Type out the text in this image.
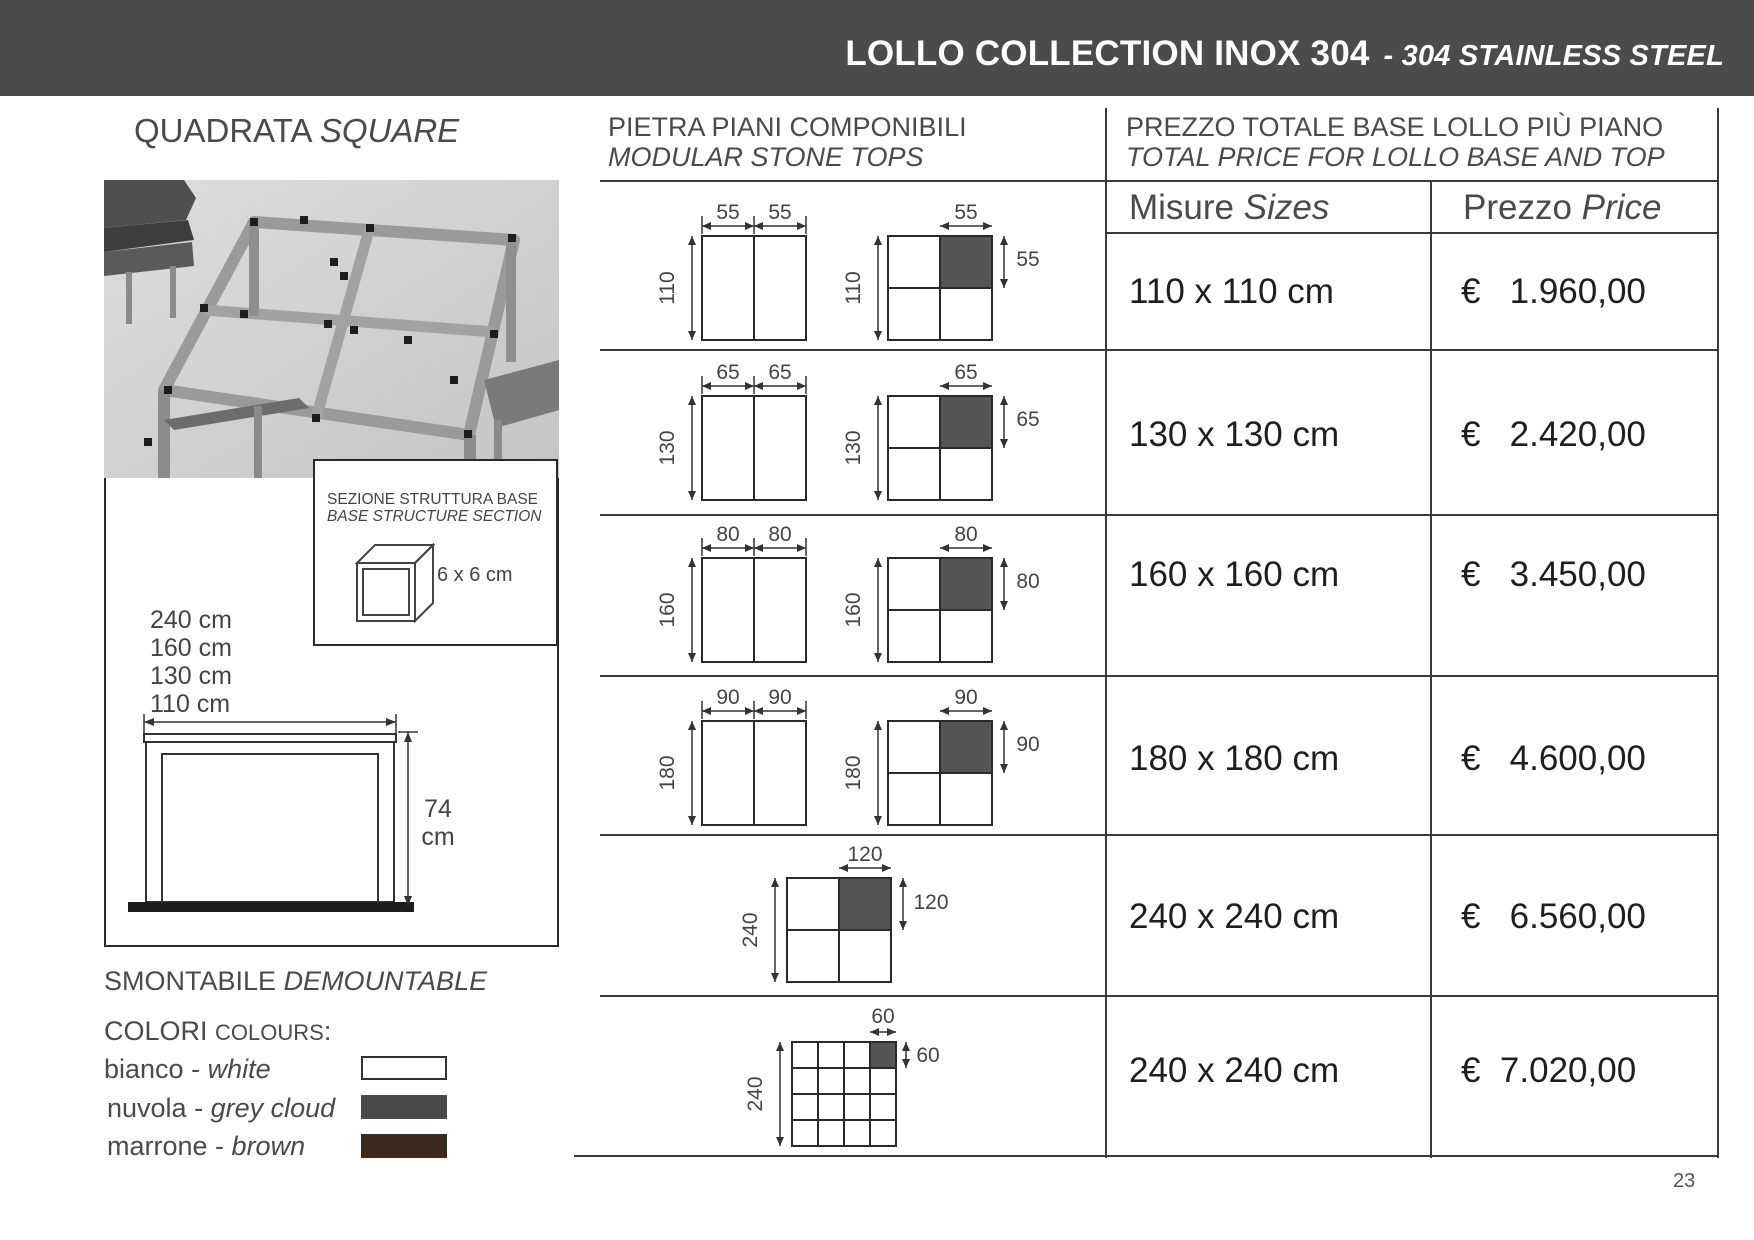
LOLLO COLLECTION INOX 304 - 304 STAINLESS STEEL
QUADRATA SQUARE
SEZIONE STRUTTURA BASE
BASE STRUCTURE SECTION
6 x 6 cm
240 cm
160 cm
130 cm
110 cm
74
cm
SMONTABILE DEMOUNTABLE
COLORI COLOURS:
bianco - white
nuvola - grey cloud
marrone - brown
PIETRA PIANI COMPONIBILI
MODULAR STONE TOPS
PREZZO TOTALE BASE LOLLO PIÙ PIANO
TOTAL PRICE FOR LOLLO BASE AND TOP
Misure Sizes	Prezzo Price
110 x 110 cm	€   1.960,00
130 x 130 cm	€   2.420,00
160 x 160 cm	€   3.450,00
180 x 180 cm	€   4.600,00
240 x 240 cm	€   6.560,00
240 x 240 cm	€  7.020,00
55 55
110
55
55
110
65 65
130
65
65
130
80 80
160
80
80
160
90 90
180
90
90
180
120
120
240
60
60
240
23
